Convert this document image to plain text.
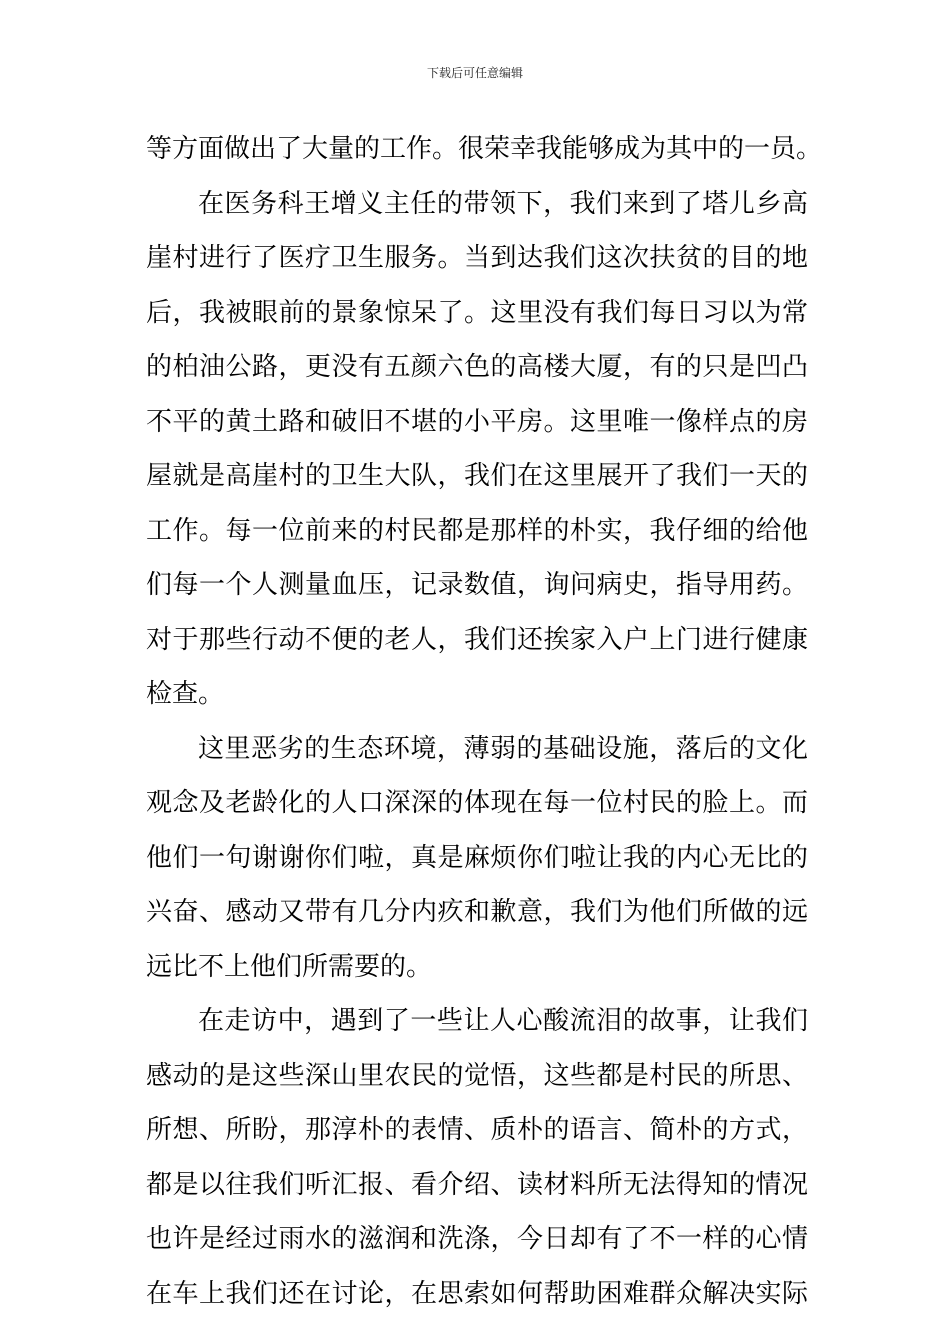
下载后可任意编辑
等方面做出了大量的工作。很荣幸我能够成为其中的一员。
在医务科王增义主任的带领下，我们来到了塔儿乡高
崖村进行了医疗卫生服务。当到达我们这次扶贫的目的地
后，我被眼前的景象惊呆了。这里没有我们每日习以为常
的柏油公路，更没有五颜六色的高楼大厦，有的只是凹凸
不平的黄土路和破旧不堪的小平房。这里唯一像样点的房
屋就是高崖村的卫生大队，我们在这里展开了我们一天的
工作。每一位前来的村民都是那样的朴实，我仔细的给他
们每一个人测量血压，记录数值，询问病史，指导用药。
对于那些行动不便的老人，我们还挨家入户上门进行健康
检查。
这里恶劣的生态环境，薄弱的基础设施，落后的文化
观念及老龄化的人口深深的体现在每一位村民的脸上。而
他们一句谢谢你们啦，真是麻烦你们啦让我的内心无比的
兴奋、感动又带有几分内疚和歉意，我们为他们所做的远
远比不上他们所需要的。
在走访中，遇到了一些让人心酸流泪的故事，让我们
感动的是这些深山里农民的觉悟，这些都是村民的所思、
所想、所盼，那淳朴的表情、质朴的语言、简朴的方式，
都是以往我们听汇报、看介绍、读材料所无法得知的情况
也许是经过雨水的滋润和洗涤，今日却有了不一样的心情
在车上我们还在讨论，在思索如何帮助困难群众解决实际
